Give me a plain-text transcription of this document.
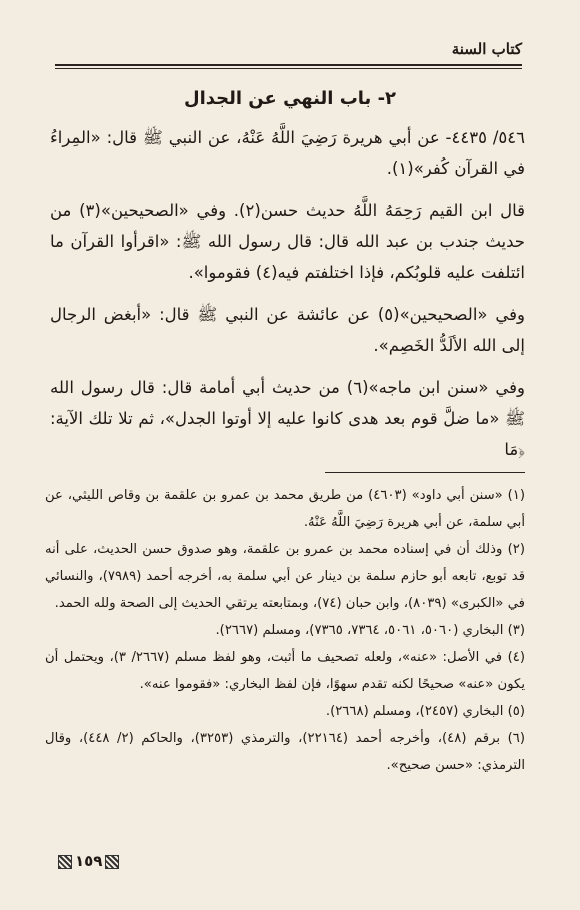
كتاب السنة
٢- باب النهي عن الجدال

٥٤٦/ ٤٤٣٥- عن أبي هريرة رَضِيَ اللَّهُ عَنْهُ، عن النبي ﷺ قال: «المِراءُ في القرآن كُفر»(١).

قال ابن القيم رَحِمَهُ اللَّهُ حديث حسن(٢). وفي «الصحيحين»(٣) من حديث جندب بن عبد الله قال: قال رسول الله ﷺ: «اقرأوا القرآن ما ائتلفت عليه قلوبُكم، فإذا اختلفتم فيه(٤) فقوموا».

وفي «الصحيحين»(٥) عن عائشة عن النبي ﷺ قال: «أبغض الرجال إلى الله الألَدُّ الخَصِم».

وفي «سنن ابن ماجه»(٦) من حديث أبي أمامة قال: قال رسول الله ﷺ «ما ضلَّ قوم بعد هدى كانوا عليه إلا أوتوا الجدل»، ثم تلا تلك الآية: ﴿مَا

(١) «سنن أبي داود» (٤٦٠٣) من طريق محمد بن عمرو بن علقمة بن وقاص الليثي، عن أبي سلمة، عن أبي هريرة رَضِيَ اللَّهُ عَنْهُ.

(٢) وذلك أن في إسناده محمد بن عمرو بن علقمة، وهو صدوق حسن الحديث، على أنه قد توبع، تابعه أبو حازم سلمة بن دينار عن أبي سلمة به، أخرجه أحمد (٧٩٨٩)، والنسائي في «الكبرى» (٨٠٣٩)، وابن حبان (٧٤)، وبمتابعته يرتقي الحديث إلى الصحة ولله الحمد.

(٣) البخاري (٥٠٦٠، ٥٠٦١، ٧٣٦٤، ٧٣٦٥)، ومسلم (٢٦٦٧).

(٤) في الأصل: «عنه»، ولعله تصحيف ما أثبت، وهو لفظ مسلم (٢٦٦٧/ ٣)، ويحتمل أن يكون «عنه» صحيحًا لكنه تقدم سهوًا، فإن لفظ البخاري: «فقوموا عنه».

(٥) البخاري (٢٤٥٧)، ومسلم (٢٦٦٨).

(٦) برقم (٤٨)، وأخرجه أحمد (٢٢١٦٤)، والترمذي (٣٢٥٣)، والحاكم (٢/ ٤٤٨)، وقال الترمذي: «حسن صحيح».

١٥٩
